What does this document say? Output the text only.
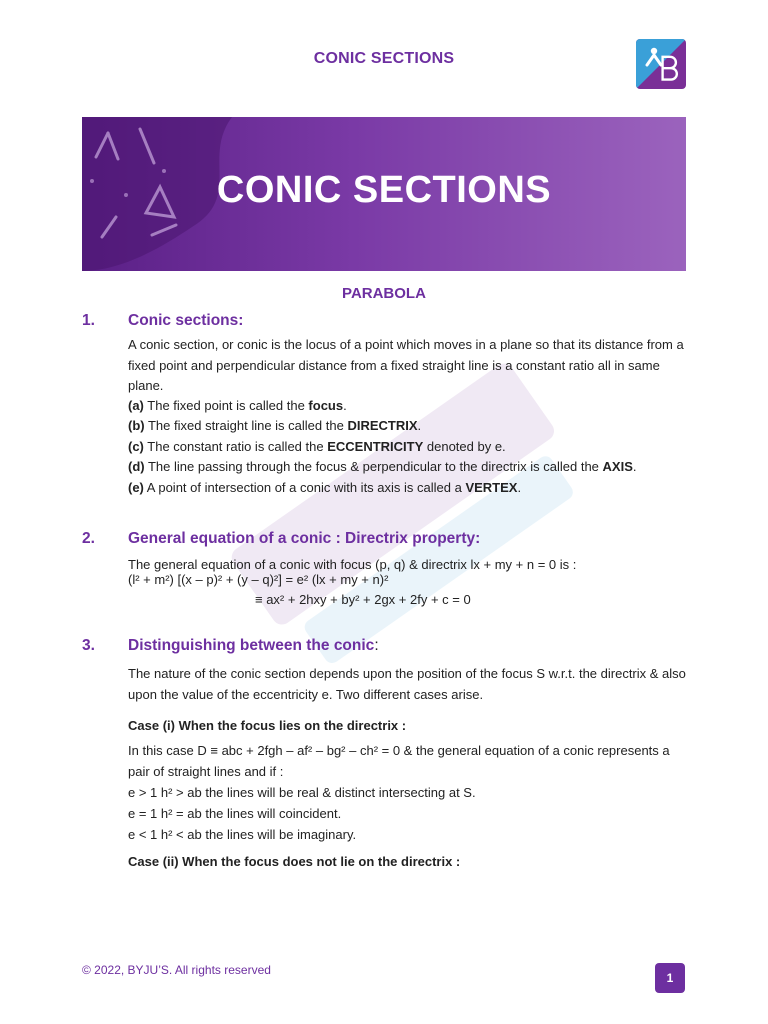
CONIC SECTIONS
CONIC SECTIONS
PARABOLA
1. Conic sections:
A conic section, or conic is the locus of a point which moves in a plane so that its distance from a fixed point and perpendicular distance from a fixed straight line is a constant ratio all in same plane.
(a) The fixed point is called the focus.
(b) The fixed straight line is called the DIRECTRIX.
(c) The constant ratio is called the ECCENTRICITY denoted by e.
(d) The line passing through the focus & perpendicular to the directrix is called the AXIS.
(e) A point of intersection of a conic with its axis is called a VERTEX.
2. General equation of a conic : Directrix property:
The general equation of a conic with focus (p, q) & directrix lx + my + n = 0 is :
(l² + m²) [(x – p)² + (y – q)²] = e² (lx + my + n)²
≡ ax² + 2hxy + by² + 2gx + 2fy + c = 0
3. Distinguishing between the conic:
The nature of the conic section depends upon the position of the focus S w.r.t. the directrix & also upon the value of the eccentricity e. Two different cases arise.
Case (i) When the focus lies on the directrix :
In this case D ≡ abc + 2fgh – af² – bg² – ch² = 0 & the general equation of a conic represents a pair of straight lines and if :
e > 1 h² > ab the lines will be real & distinct intersecting at S.
e = 1 h² = ab the lines will coincident.
e < 1 h² < ab the lines will be imaginary.
Case (ii) When the focus does not lie on the directrix :
© 2022, BYJU’S. All rights reserved
1
